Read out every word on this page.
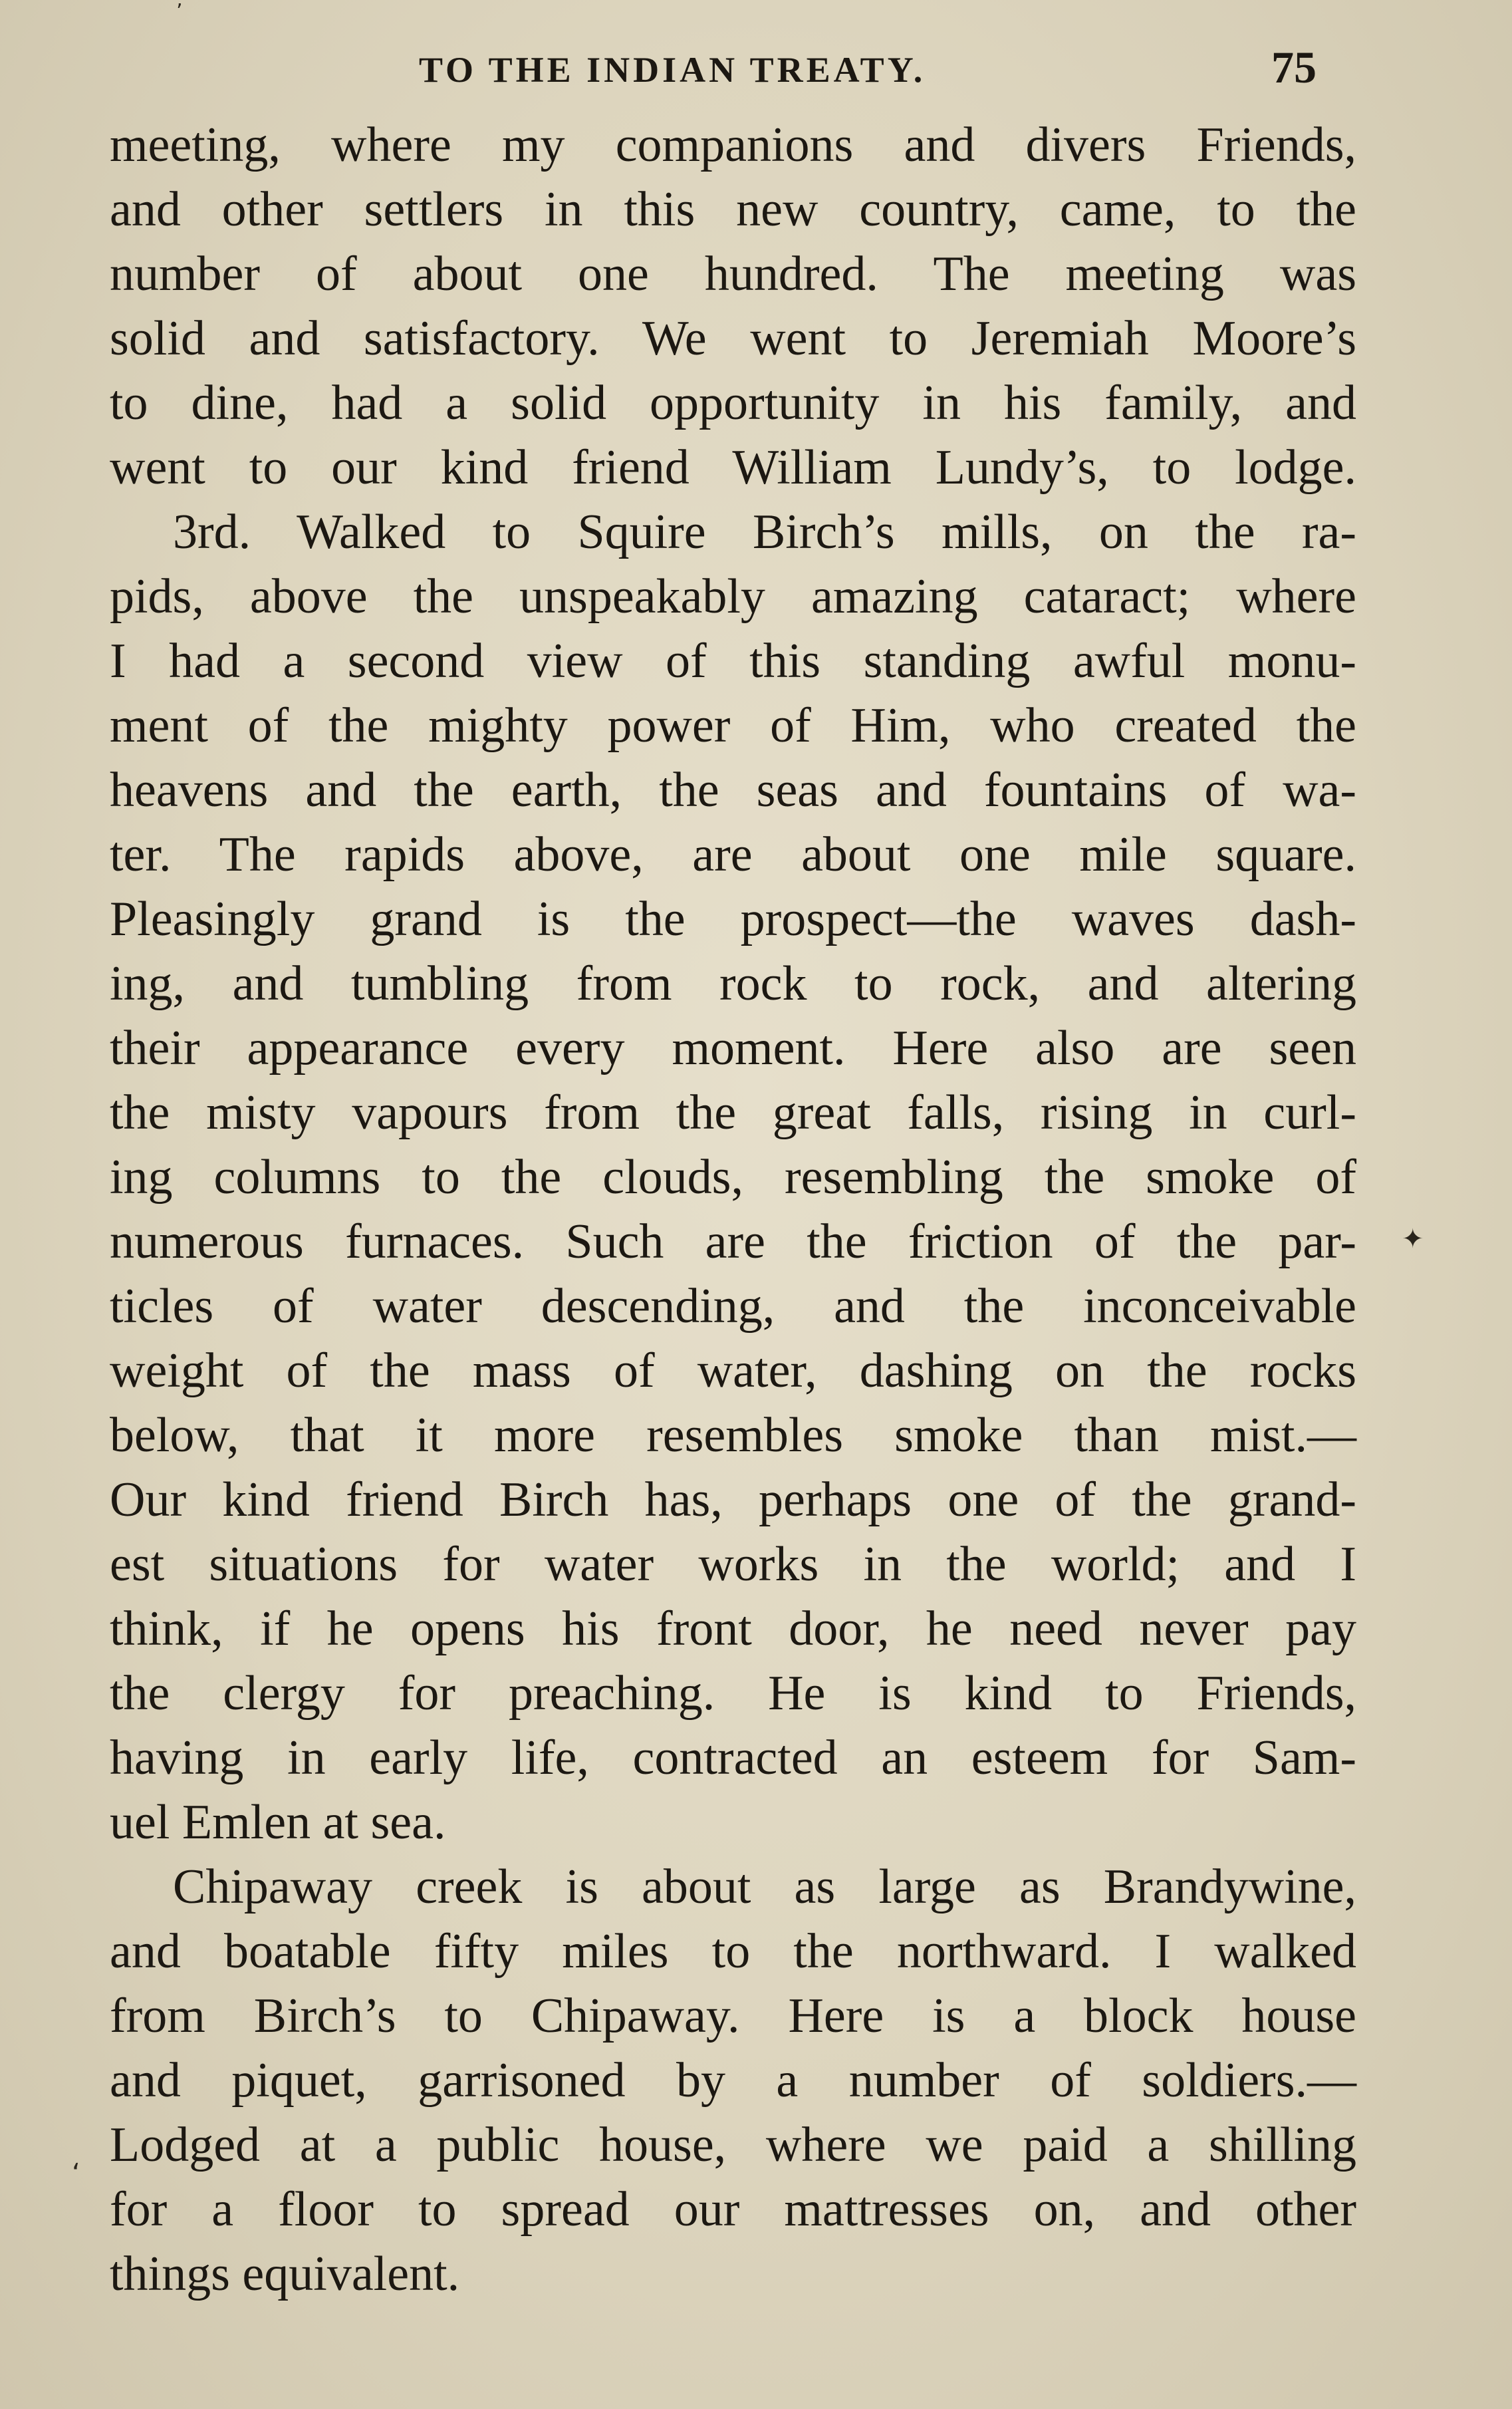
TO THE INDIAN TREATY.	75
meeting, where my companions and divers Friends,
and other settlers in this new country, came, to the
number of about one hundred. The meeting was
solid and satisfactory. We went to Jeremiah Moore’s
to dine, had a solid opportunity in his family, and
went to our kind friend William Lundy’s, to lodge.
3rd. Walked to Squire Birch’s mills, on the ra-
pids, above the unspeakably amazing cataract; where
I had a second view of this standing awful monu-
ment of the mighty power of Him, who created the
heavens and the earth, the seas and fountains of wa-
ter. The rapids above, are about one mile square.
Pleasingly grand is the prospect—the waves dash-
ing, and tumbling from rock to rock, and altering
their appearance every moment. Here also are seen
the misty vapours from the great falls, rising in curl-
ing columns to the clouds, resembling the smoke of
numerous furnaces. Such are the friction of the par-
ticles of water descending, and the inconceivable
weight of the mass of water, dashing on the rocks
below, that it more resembles smoke than mist.—
Our kind friend Birch has, perhaps one of the grand-
est situations for water works in the world; and I
think, if he opens his front door, he need never pay
the clergy for preaching. He is kind to Friends,
having in early life, contracted an esteem for Sam-
uel Emlen at sea.
Chipaway creek is about as large as Brandywine,
and boatable fifty miles to the northward. I walked
from Birch’s to Chipaway. Here is a block house
and piquet, garrisoned by a number of soldiers.—
Lodged at a public house, where we paid a shilling
for a floor to spread our mattresses on, and other
things equivalent.
✦
’
‘
